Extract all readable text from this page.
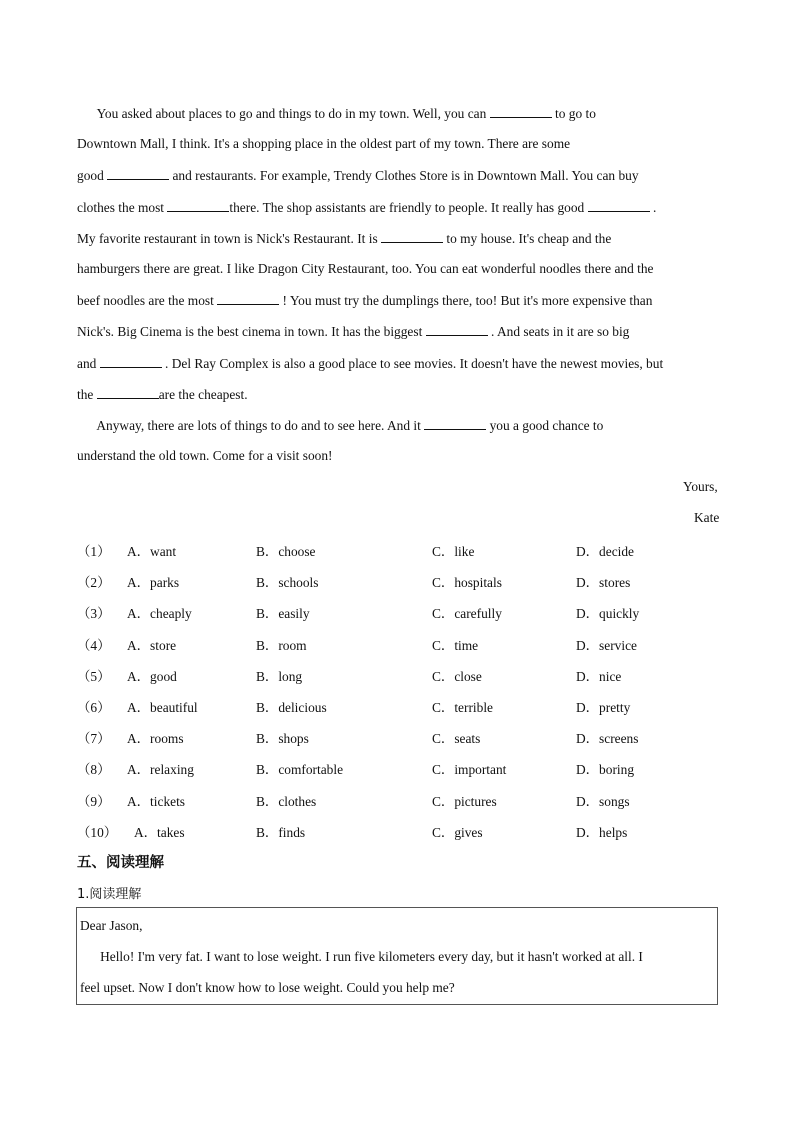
You asked about places to go and things to do in my town. Well, you can	to go to
Downtown Mall, I think. It's a shopping place in the oldest part of my town. There are some
good	and restaurants. For example, Trendy Clothes Store is in Downtown Mall. You can buy
clothes the most	there. The shop assistants are friendly to people. It really has good	.
My favorite restaurant in town is Nick's Restaurant. It is	to my house. It's cheap and the
hamburgers there are great. I like Dragon City Restaurant, too. You can eat wonderful noodles there and the
beef noodles are the most	! You must try the dumplings there, too! But it's more expensive than
Nick's. Big Cinema is the best cinema in town. It has the biggest	. And seats in it are so big
and	. Del Ray Complex is also a good place to see movies. It doesn't have the newest movies, but
the	are the cheapest.
Anyway, there are lots of things to do and to see here. And it	you a good chance to
understand the old town. Come for a visit soon!
Yours,
Kate
（1） A．want	B．choose	C．like	D．decide
（2） A．parks	B．schools	C．hospitals	D．stores
（3） A．cheaply	B．easily	C．carefully	D．quickly
（4） A．store	B．room	C．time	D．service
（5） A．good	B．long	C．close	D．nice
（6） A．beautiful	B．delicious	C．terrible	D．pretty
（7） A．rooms	B．shops	C．seats	D．screens
（8） A．relaxing	B．comfortable	C．important	D．boring
（9） A．tickets	B．clothes	C．pictures	D．songs
（10） A．takes	B．finds	C．gives	D．helps
五、阅读理解
1.阅读理解
Dear Jason,
Hello! I'm very fat. I want to lose weight. I run five kilometers every day, but it hasn't worked at all. I
feel upset. Now I don't know how to lose weight. Could you help me?
